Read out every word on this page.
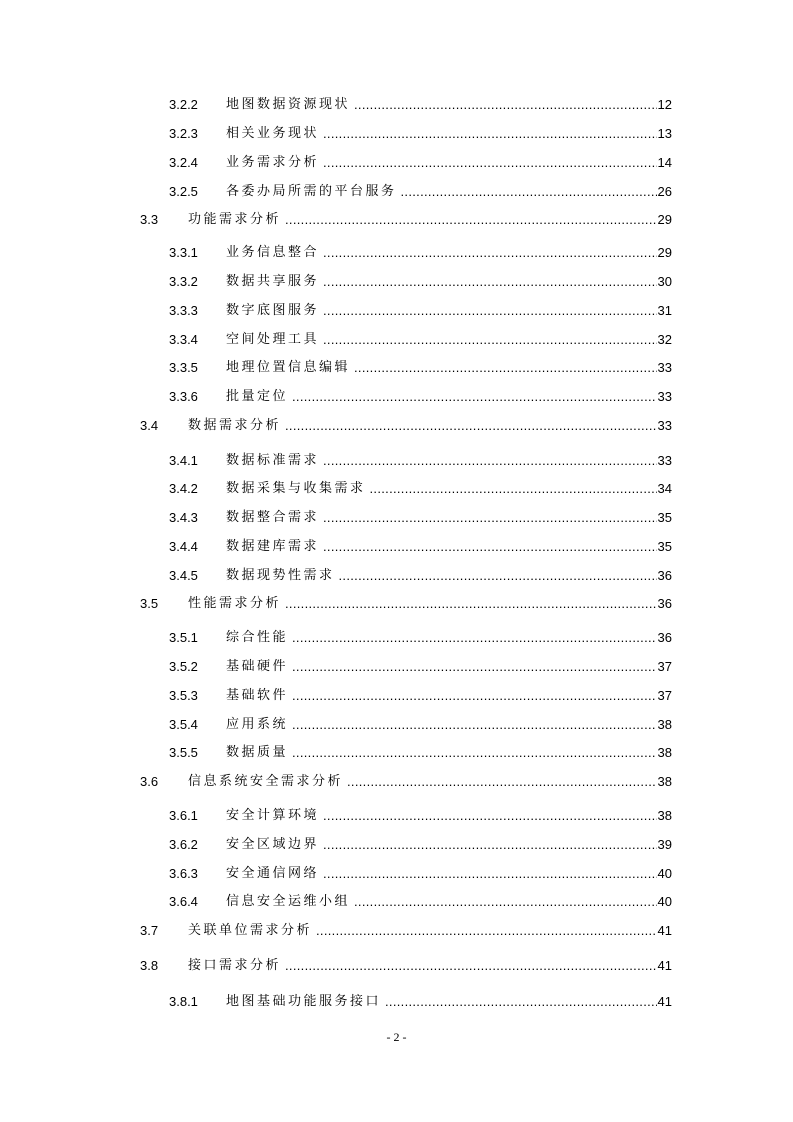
3.2.2	地图数据资源现状 .....	12
3.2.3	相关业务现状 .....	13
3.2.4	业务需求分析 .....	14
3.2.5	各委办局所需的平台服务 .....	26
3.3	功能需求分析 .....	29
3.3.1	业务信息整合 .....	29
3.3.2	数据共享服务 .....	30
3.3.3	数字底图服务 .....	31
3.3.4	空间处理工具 .....	32
3.3.5	地理位置信息编辑 .....	33
3.3.6	批量定位 .....	33
3.4	数据需求分析 .....	33
3.4.1	数据标准需求 .....	33
3.4.2	数据采集与收集需求 .....	34
3.4.3	数据整合需求 .....	35
3.4.4	数据建库需求 .....	35
3.4.5	数据现势性需求 .....	36
3.5	性能需求分析 .....	36
3.5.1	综合性能 .....	36
3.5.2	基础硬件 .....	37
3.5.3	基础软件 .....	37
3.5.4	应用系统 .....	38
3.5.5	数据质量 .....	38
3.6	信息系统安全需求分析 .....	38
3.6.1	安全计算环境 .....	38
3.6.2	安全区域边界 .....	39
3.6.3	安全通信网络 .....	40
3.6.4	信息安全运维小组 .....	40
3.7	关联单位需求分析 .....	41
3.8	接口需求分析 .....	41
3.8.1	地图基础功能服务接口 .....	41
- 2 -
